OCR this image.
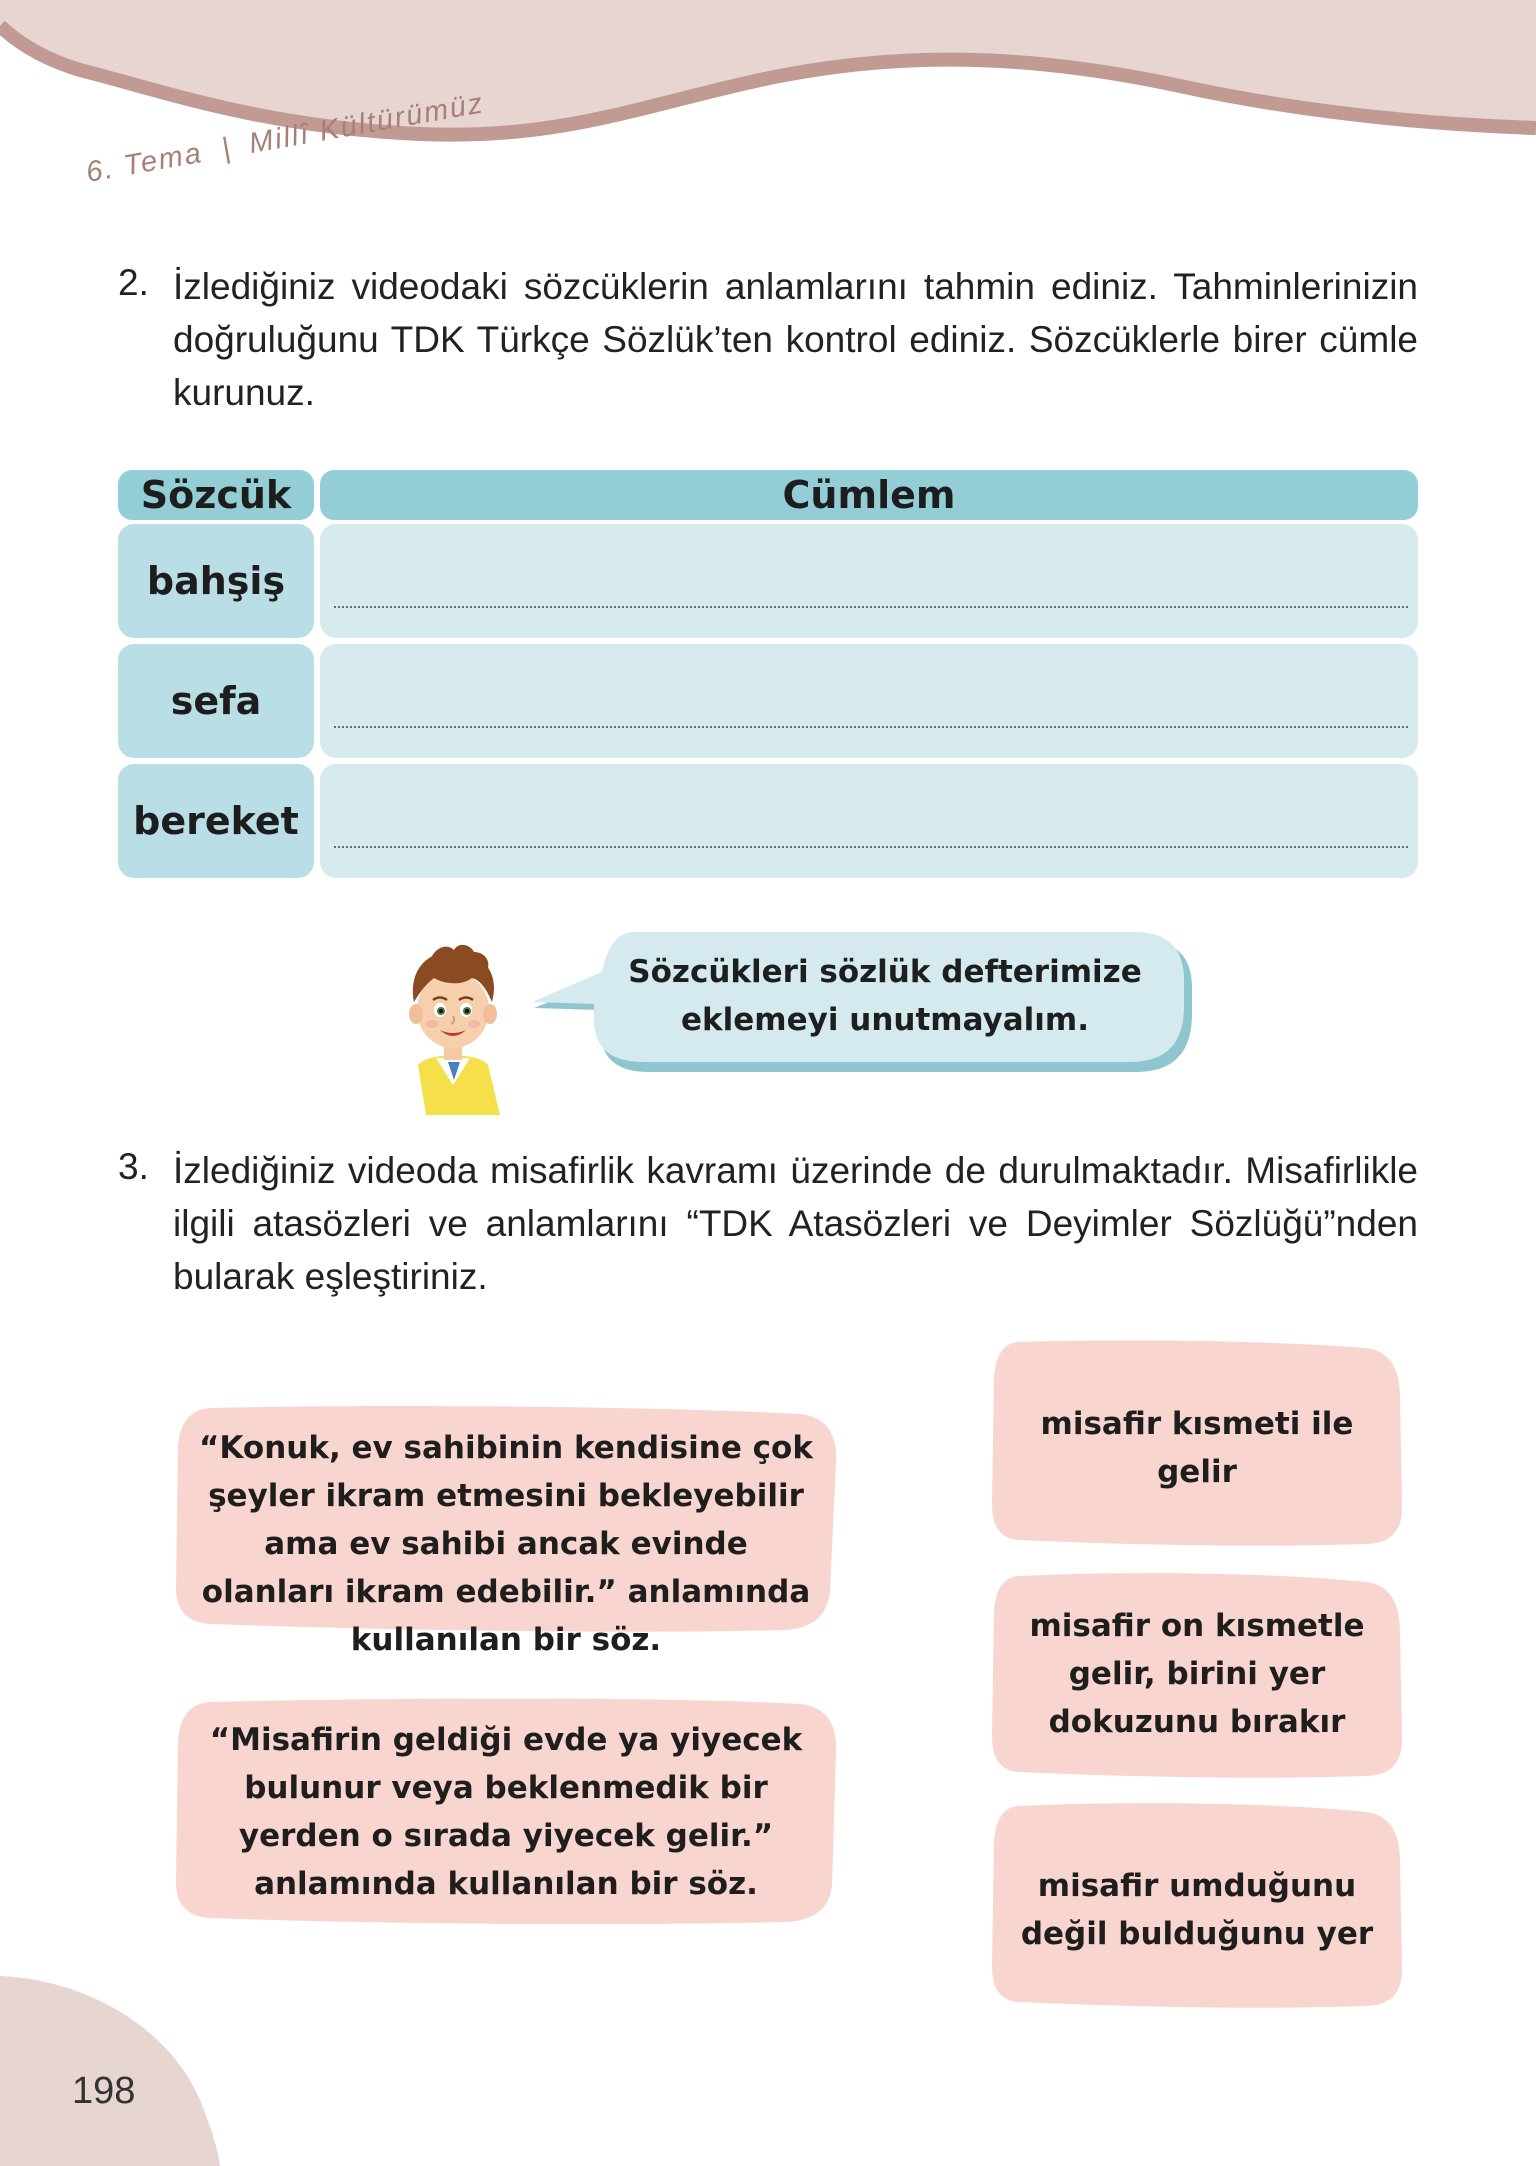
6. Tema | Millî Kültürümüz
2. İzlediğiniz videodaki sözcüklerin anlamlarını tahmin ediniz. Tahminlerinizin doğruluğunu TDK Türkçe Sözlük’ten kontrol ediniz. Sözcüklerle birer cümle kurunuz.
Sözcük	Cümlem
bahşiş
sefa
bereket
Sözcükleri sözlük defterimize eklemeyi unutmayalım.
3. İzlediğiniz videoda misafirlik kavramı üzerinde de durulmaktadır. Misafirlikle ilgili atasözleri ve anlamlarını “TDK Atasözleri ve Deyimler Sözlüğü”nden bularak eşleştiriniz.
“Konuk, ev sahibinin kendisine çok şeyler ikram etmesini bekleyebilir ama ev sahibi ancak evinde olanları ikram edebilir.” anlamında kullanılan bir söz.
“Misafirin geldiği evde ya yiyecek bulunur veya beklenmedik bir yerden o sırada yiyecek gelir.” anlamında kullanılan bir söz.
misafir kısmeti ile gelir
misafir on kısmetle gelir, birini yer dokuzunu bırakır
misafir umduğunu değil bulduğunu yer
198
